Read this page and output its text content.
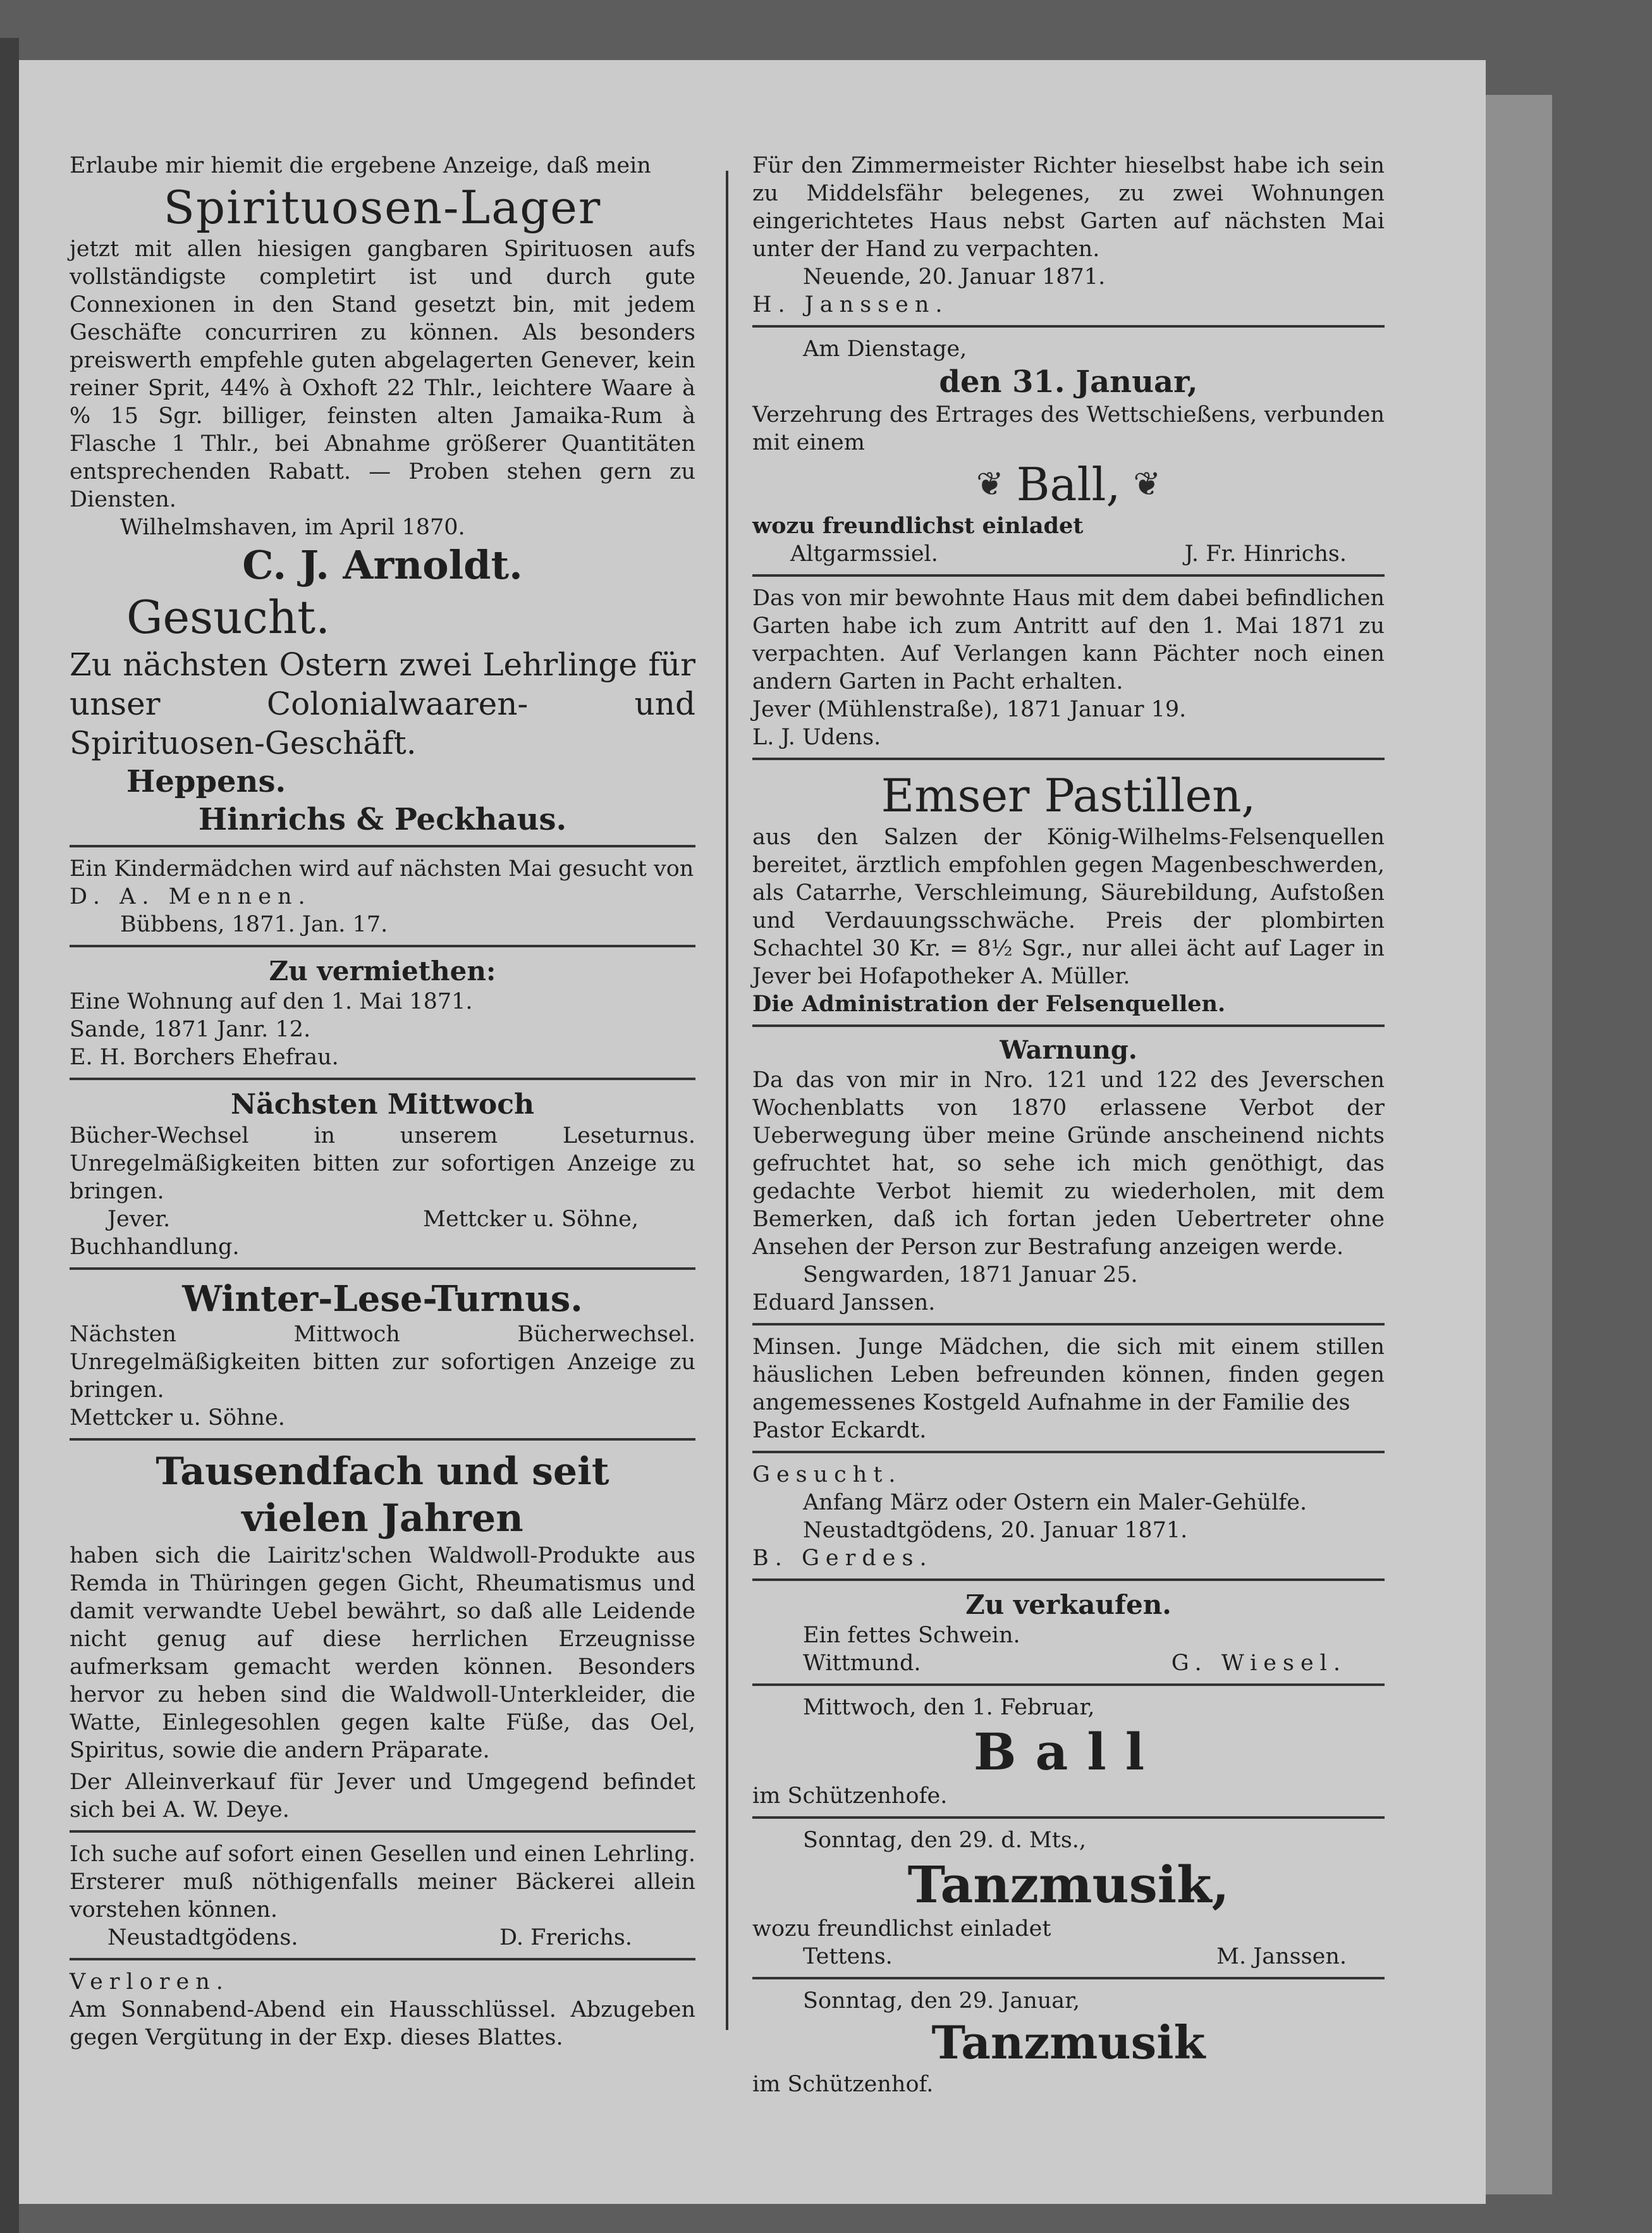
Erlaube mir hiemit die ergebene Anzeige, daß mein
Spirituosen-Lager
jetzt mit allen hiesigen gangbaren Spirituosen aufs vollständigste completirt ist und durch gute Connexionen in den Stand gesetzt bin, mit jedem Geschäfte concurriren zu können. Als besonders preiswerth empfehle guten abgelagerten Genever, kein reiner Sprit, 44% à Oxhoft 22 Thlr., leichtere Waare à % 15 Sgr. billiger, feinsten alten Jamaika-Rum à Flasche 1 Thlr., bei Abnahme größerer Quantitäten entsprechenden Rabatt. — Proben stehen gern zu Diensten.
Wilhelmshaven, im April 1870.
C. J. Arnoldt.
Gesucht.
Zu nächsten Ostern zwei Lehrlinge für unser Colonialwaaren- und Spirituosen-Geschäft.
Heppens.
Hinrichs & Peckhaus.
Ein Kindermädchen wird auf nächsten Mai gesucht von
D. A. Mennen.
Bübbens, 1871. Jan. 17.
Zu vermiethen:
Eine Wohnung auf den 1. Mai 1871.
Sande, 1871 Janr. 12.
E. H. Borchers Ehefrau.
Nächsten Mittwoch
Bücher-Wechsel in unserem Leseturnus. Unregelmäßigkeiten bitten zur sofortigen Anzeige zu bringen.
Jever.	Mettcker u. Söhne,
Buchhandlung.
Winter-Lese-Turnus.
Nächsten Mittwoch Bücherwechsel. Unregelmäßigkeiten bitten zur sofortigen Anzeige zu bringen.
Mettcker u. Söhne.
Tausendfach und seit vielen Jahren
haben sich die Lairitz'schen Waldwoll-Produkte aus Remda in Thüringen gegen Gicht, Rheumatismus und damit verwandte Uebel bewährt, so daß alle Leidende nicht genug auf diese herrlichen Erzeugnisse aufmerksam gemacht werden können. Besonders hervor zu heben sind die Waldwoll-Unterkleider, die Watte, Einlegesohlen gegen kalte Füße, das Oel, Spiritus, sowie die andern Präparate.
Der Alleinverkauf für Jever und Umgegend befindet sich bei A. W. Deye.
Ich suche auf sofort einen Gesellen und einen Lehrling. Ersterer muß nöthigenfalls meiner Bäckerei allein vorstehen können.
Neustadtgödens.	D. Frerichs.
Verloren.
Am Sonnabend-Abend ein Hausschlüssel. Abzugeben gegen Vergütung in der Exp. dieses Blattes.
Für den Zimmermeister Richter hieselbst habe ich sein zu Middelsfähr belegenes, zu zwei Wohnungen eingerichtetes Haus nebst Garten auf nächsten Mai unter der Hand zu verpachten.
Neuende, 20. Januar 1871.
H. Janssen.
Am Dienstage,
den 31. Januar,
Verzehrung des Ertrages des Wettschießens, verbunden mit einem
❦ Ball, ❦
wozu freundlichst einladet
Altgarmssiel.	J. Fr. Hinrichs.
Das von mir bewohnte Haus mit dem dabei befindlichen Garten habe ich zum Antritt auf den 1. Mai 1871 zu verpachten. Auf Verlangen kann Pächter noch einen andern Garten in Pacht erhalten.
Jever (Mühlenstraße), 1871 Januar 19.
L. J. Udens.
Emser Pastillen,
aus den Salzen der König-Wilhelms-Felsenquellen bereitet, ärztlich empfohlen gegen Magenbeschwerden, als Catarrhe, Verschleimung, Säurebildung, Aufstoßen und Verdauungsschwäche. Preis der plombirten Schachtel 30 Kr. = 8½ Sgr., nur allei ächt auf Lager in Jever bei Hofapotheker A. Müller.
Die Administration der Felsenquellen.
Warnung.
Da das von mir in Nro. 121 und 122 des Jeverschen Wochenblatts von 1870 erlassene Verbot der Ueberwegung über meine Gründe anscheinend nichts gefruchtet hat, so sehe ich mich genöthigt, das gedachte Verbot hiemit zu wiederholen, mit dem Bemerken, daß ich fortan jeden Uebertreter ohne Ansehen der Person zur Bestrafung anzeigen werde.
Sengwarden, 1871 Januar 25.
Eduard Janssen.
Minsen. Junge Mädchen, die sich mit einem stillen häuslichen Leben befreunden können, finden gegen angemessenes Kostgeld Aufnahme in der Familie des
Pastor Eckardt.
Gesucht.
Anfang März oder Ostern ein Maler-Gehülfe.
Neustadtgödens, 20. Januar 1871.
B. Gerdes.
Zu verkaufen.
Ein fettes Schwein.
Wittmund.	G. Wiesel.
Mittwoch, den 1. Februar,
Ball
im Schützenhofe.
Sonntag, den 29. d. Mts.,
Tanzmusik,
wozu freundlichst einladet
Tettens.	M. Janssen.
Sonntag, den 29. Januar,
Tanzmusik
im Schützenhof.
